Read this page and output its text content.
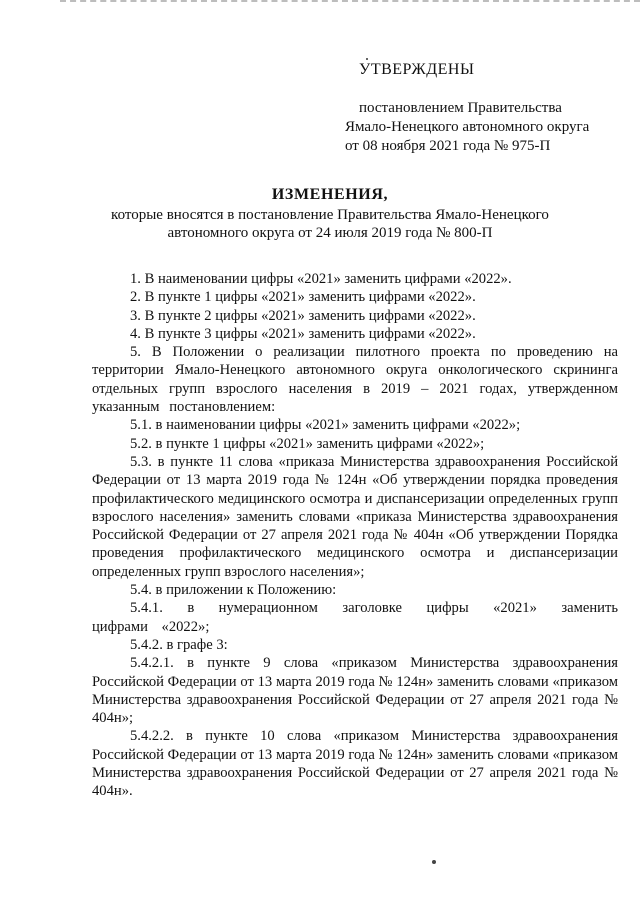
УТВЕРЖДЕНЫ
постановлением Правительства
Ямало-Ненецкого автономного округа
от 08 ноября 2021 года № 975-П
ИЗМЕНЕНИЯ,
которые вносятся в постановление Правительства Ямало-Ненецкого
автономного округа от 24 июля 2019 года № 800-П

1. В наименовании цифры «2021» заменить цифрами «2022».

2. В пункте 1 цифры «2021» заменить цифрами «2022».

3. В пункте 2 цифры «2021» заменить цифрами «2022».

4. В пункте 3 цифры «2021» заменить цифрами «2022».

5. В Положении о реализации пилотного проекта по проведению на территории Ямало-Ненецкого автономного округа онкологического скрининга отдельных групп взрослого населения в 2019 – 2021 годах, утвержденном указанным постановлением:

5.1. в наименовании цифры «2021» заменить цифрами «2022»;

5.2. в пункте 1 цифры «2021» заменить цифрами «2022»;

5.3. в пункте 11 слова «приказа Министерства здравоохранения Российской Федерации от 13 марта 2019 года № 124н «Об утверждении порядка проведения профилактического медицинского осмотра и диспансеризации определенных групп взрослого населения» заменить словами «приказа Министерства здравоохранения Российской Федерации от 27 апреля 2021 года № 404н «Об утверждении Порядка проведения профилактического медицинского осмотра и диспансеризации определенных групп взрослого населения»;

5.4. в приложении к Положению:

5.4.1. в нумерационном заголовке цифры «2021» заменить цифрами «2022»;

5.4.2. в графе 3:

5.4.2.1. в пункте 9 слова «приказом Министерства здравоохранения Российской Федерации от 13 марта 2019 года № 124н» заменить словами «приказом Министерства здравоохранения Российской Федерации от 27 апреля 2021 года № 404н»;

5.4.2.2. в пункте 10 слова «приказом Министерства здравоохранения Российской Федерации от 13 марта 2019 года № 124н» заменить словами «приказом Министерства здравоохранения Российской Федерации от 27 апреля 2021 года № 404н».
